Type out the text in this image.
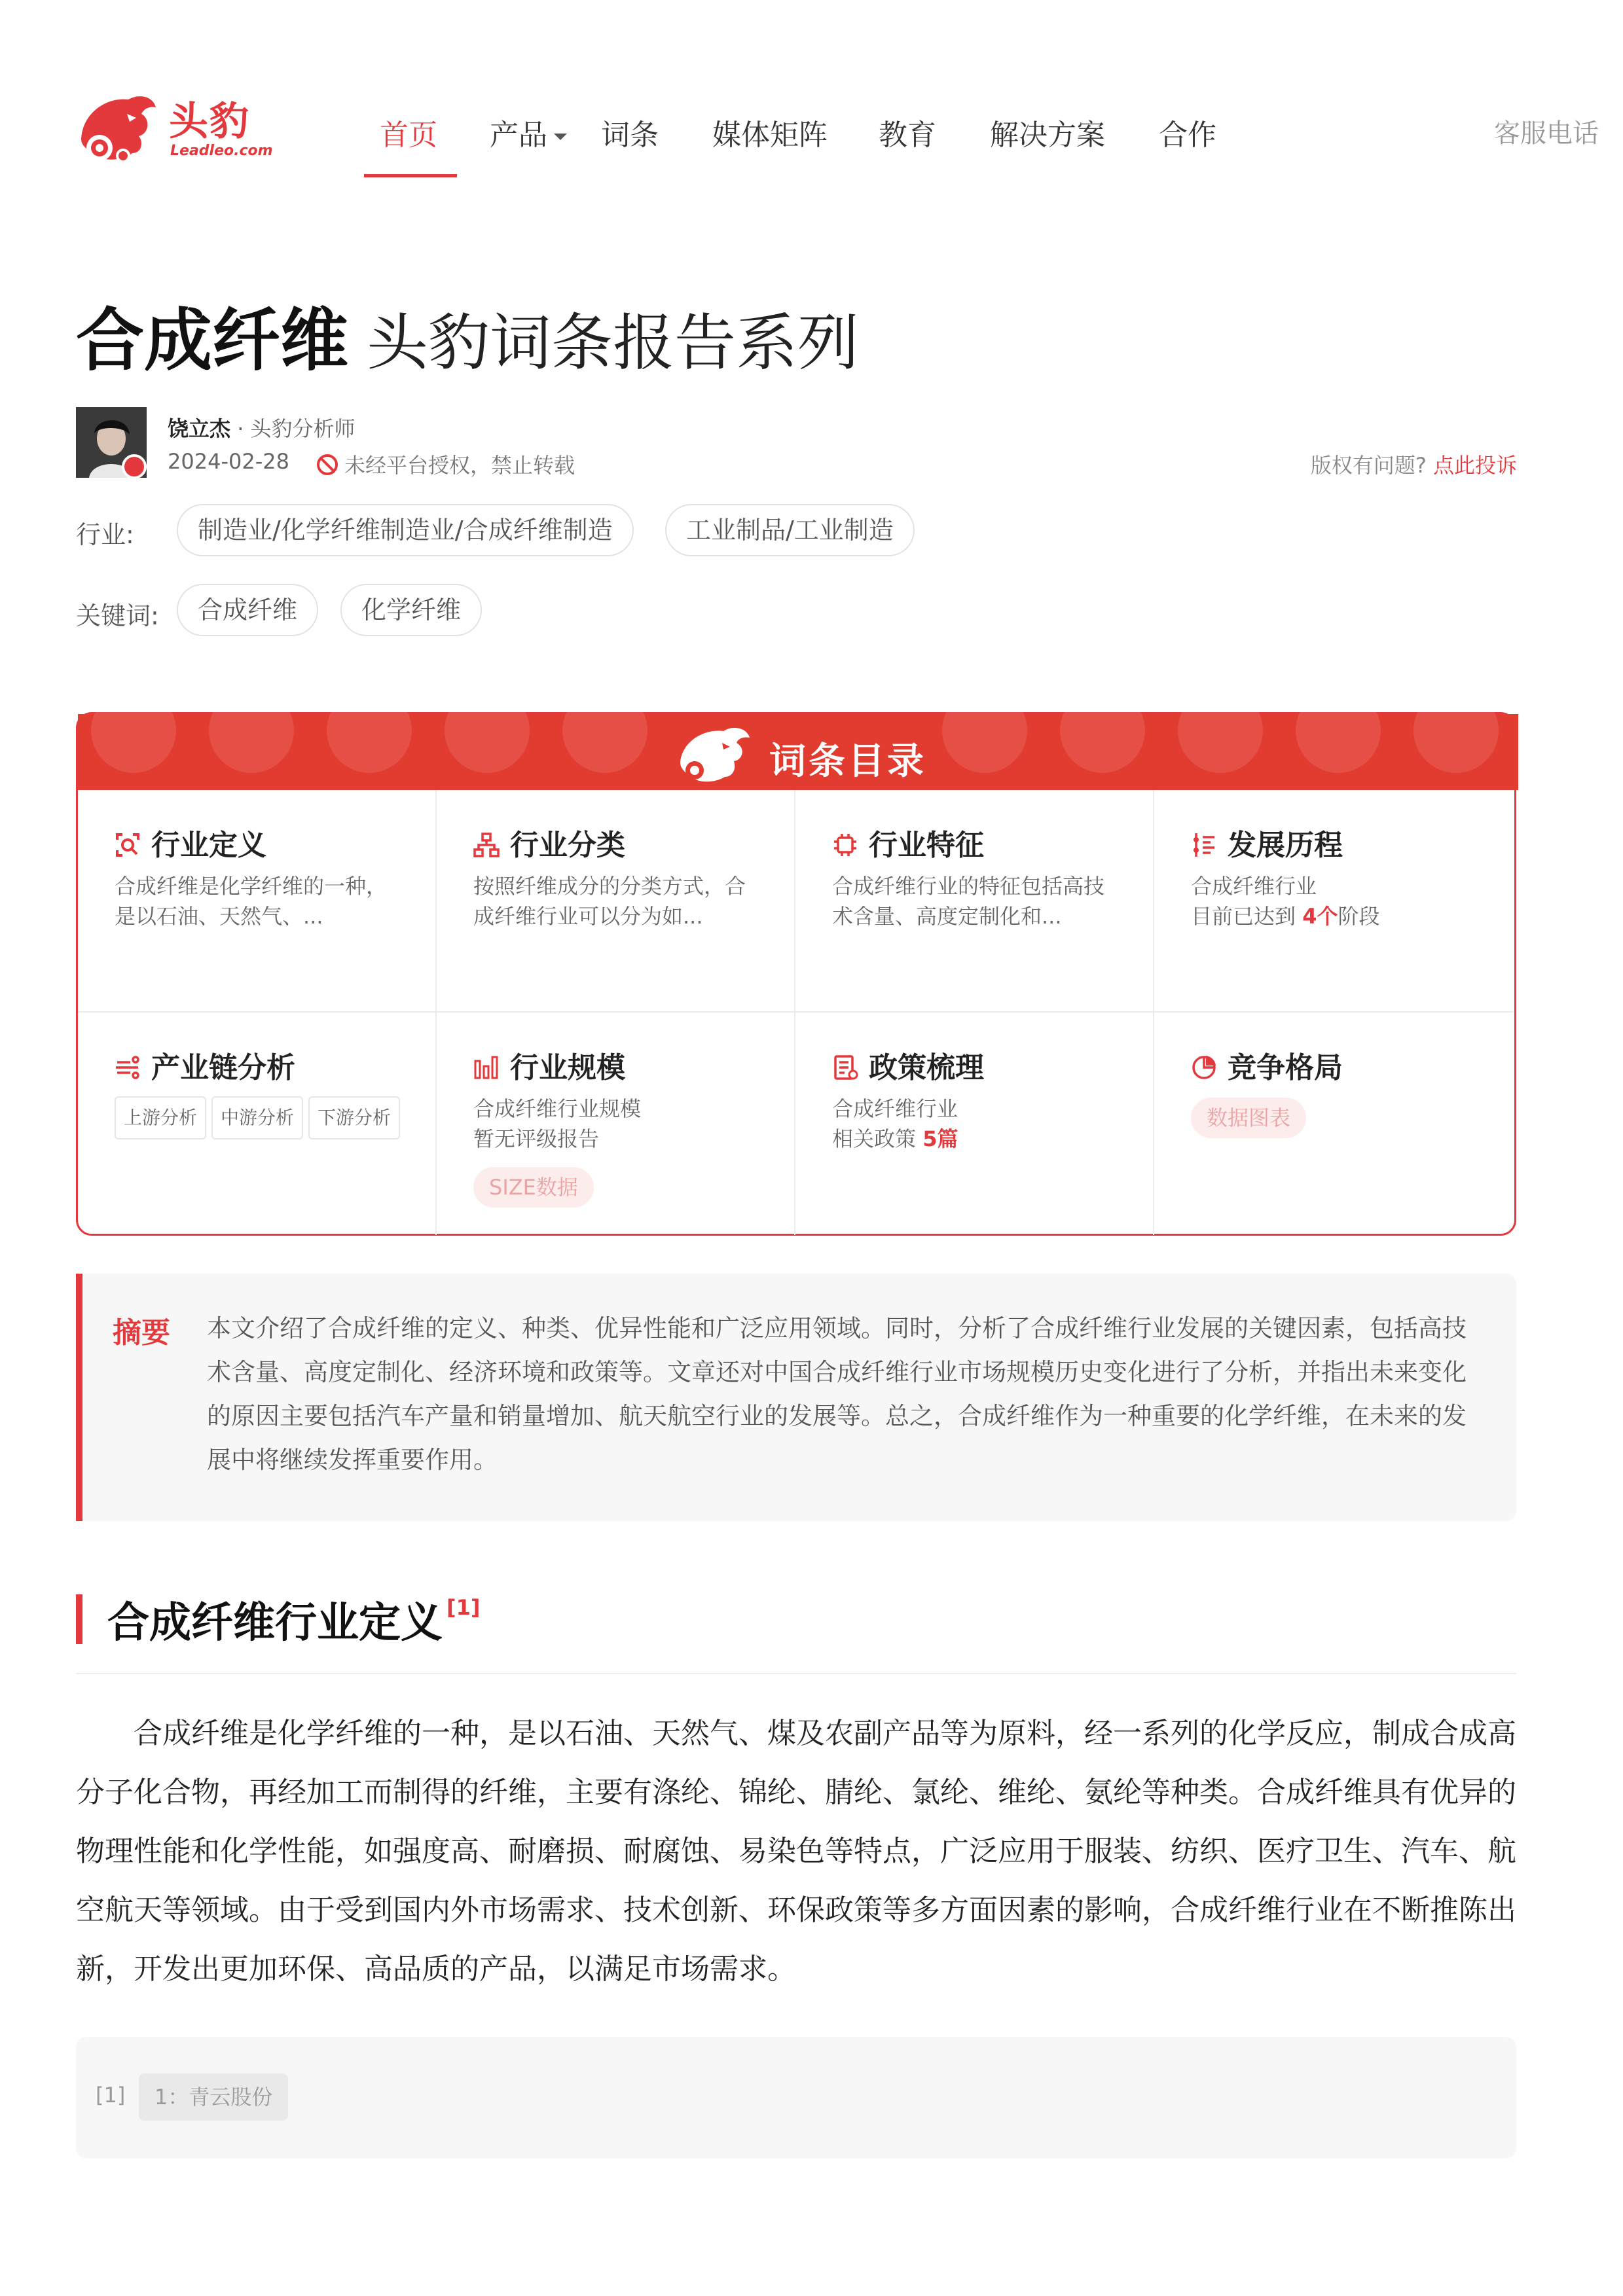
头豹
Leadleo.com	首页 产品	词条 媒体矩阵 教育 解决方案 合作	客服电话
合成纤维 头豹词条报告系列
饶立杰 · 头豹分析师
2024-02-28	未经平台授权，禁止转载	版权有问题? 点此投诉
行业:	制造业/化学纤维制造业/合成纤维制造	工业制品/工业制造
关键词:	合成纤维	化学纤维
词条目录
行业定义
合成纤维是化学纤维的一种，是以石油、天然气、...
行业分类
按照纤维成分的分类方式，合成纤维行业可以分为如...
行业特征
合成纤维行业的特征包括高技术含量、高度定制化和...
发展历程
合成纤维行业
目前已达到 4个阶段
产业链分析
上游分析	中游分析	下游分析
行业规模
合成纤维行业规模
暂无评级报告
SIZE数据
政策梳理
合成纤维行业
相关政策 5篇
竞争格局
数据图表
摘要 本文介绍了合成纤维的定义、种类、优异性能和广泛应用领域。同时，分析了合成纤维行业发展的关键因素，包括高技术含量、高度定制化、经济环境和政策等。文章还对中国合成纤维行业市场规模历史变化进行了分析，并指出未来变化的原因主要包括汽车产量和销量增加、航天航空行业的发展等。总之，合成纤维作为一种重要的化学纤维，在未来的发展中将继续发挥重要作用。
合成纤维行业定义 [1]
合成纤维是化学纤维的一种，是以石油、天然气、煤及农副产品等为原料，经一系列的化学反应，制成合成高分子化合物，再经加工而制得的纤维，主要有涤纶、锦纶、腈纶、氯纶、维纶、氨纶等种类。合成纤维具有优异的物理性能和化学性能，如强度高、耐磨损、耐腐蚀、易染色等特点，广泛应用于服装、纺织、医疗卫生、汽车、航空航天等领域。由于受到国内外市场需求、技术创新、环保政策等多方面因素的影响，合成纤维行业在不断推陈出新，开发出更加环保、高品质的产品，以满足市场需求。
[1]	1：青云股份
